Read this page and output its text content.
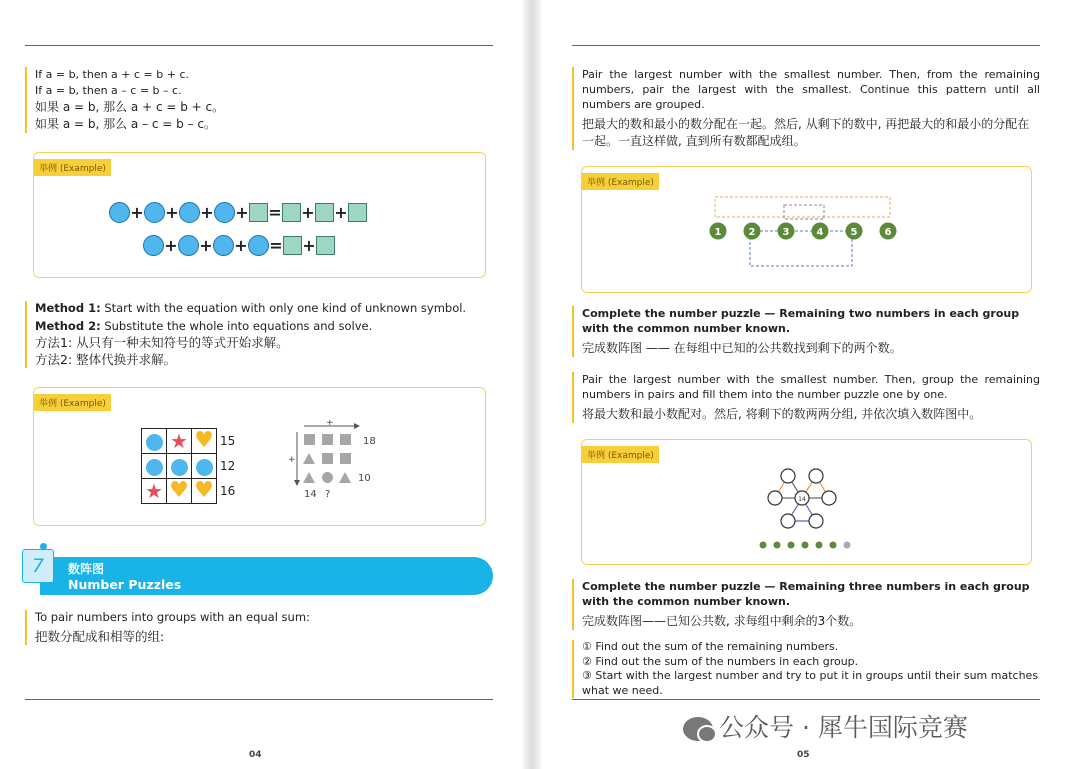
If a = b, then a + c = b + c.

If a = b, then a – c = b – c.

如果 a = b, 那么 a + c = b + c。

如果 a = b, 那么 a – c = b – c。

举例 (Example)
+ + + + = + +
+ + + = +

Method 1: Start with the equation with only one kind of unknown symbol.

Method 2: Substitute the whole into equations and solve.

方法1: 从只有一种未知符号的等式开始求解。

方法2: 整体代换并求解。

举例 (Example)
	★	♥	15
			12
★	♥	♥	16
+
+
18
10
14 ?
数阵图
Number Puzzles
7

To pair numbers into groups with an equal sum:

把数分配成和相等的组:

04

Pair the largest number with the smallest number. Then, from the remaining numbers, pair the largest with the smallest. Continue this pattern until all numbers are grouped.

把最大的数和最小的数分配在一起。然后, 从剩下的数中, 再把最大的和最小的分配在一起。一直这样做, 直到所有数都配成组。

举例 (Example)
1	2	3	4	5	6

Complete the number puzzle — Remaining two numbers in each group with the common number known.

完成数阵图 —— 在每组中已知的公共数找到剩下的两个数。

Pair the largest number with the smallest number. Then, group the remaining numbers in pairs and fill them into the number puzzle one by one.

将最大数和最小数配对。然后, 将剩下的数两两分组, 并依次填入数阵图中。

举例 (Example)
14

Complete the number puzzle — Remaining three numbers in each group with the common number known.

完成数阵图——已知公共数, 求每组中剩余的3个数。

① Find out the sum of the remaining numbers.

② Find out the sum of the numbers in each group.

③ Start with the largest number and try to put it in groups until their sum matches what we need.

05
公众号 · 犀牛国际竞赛
